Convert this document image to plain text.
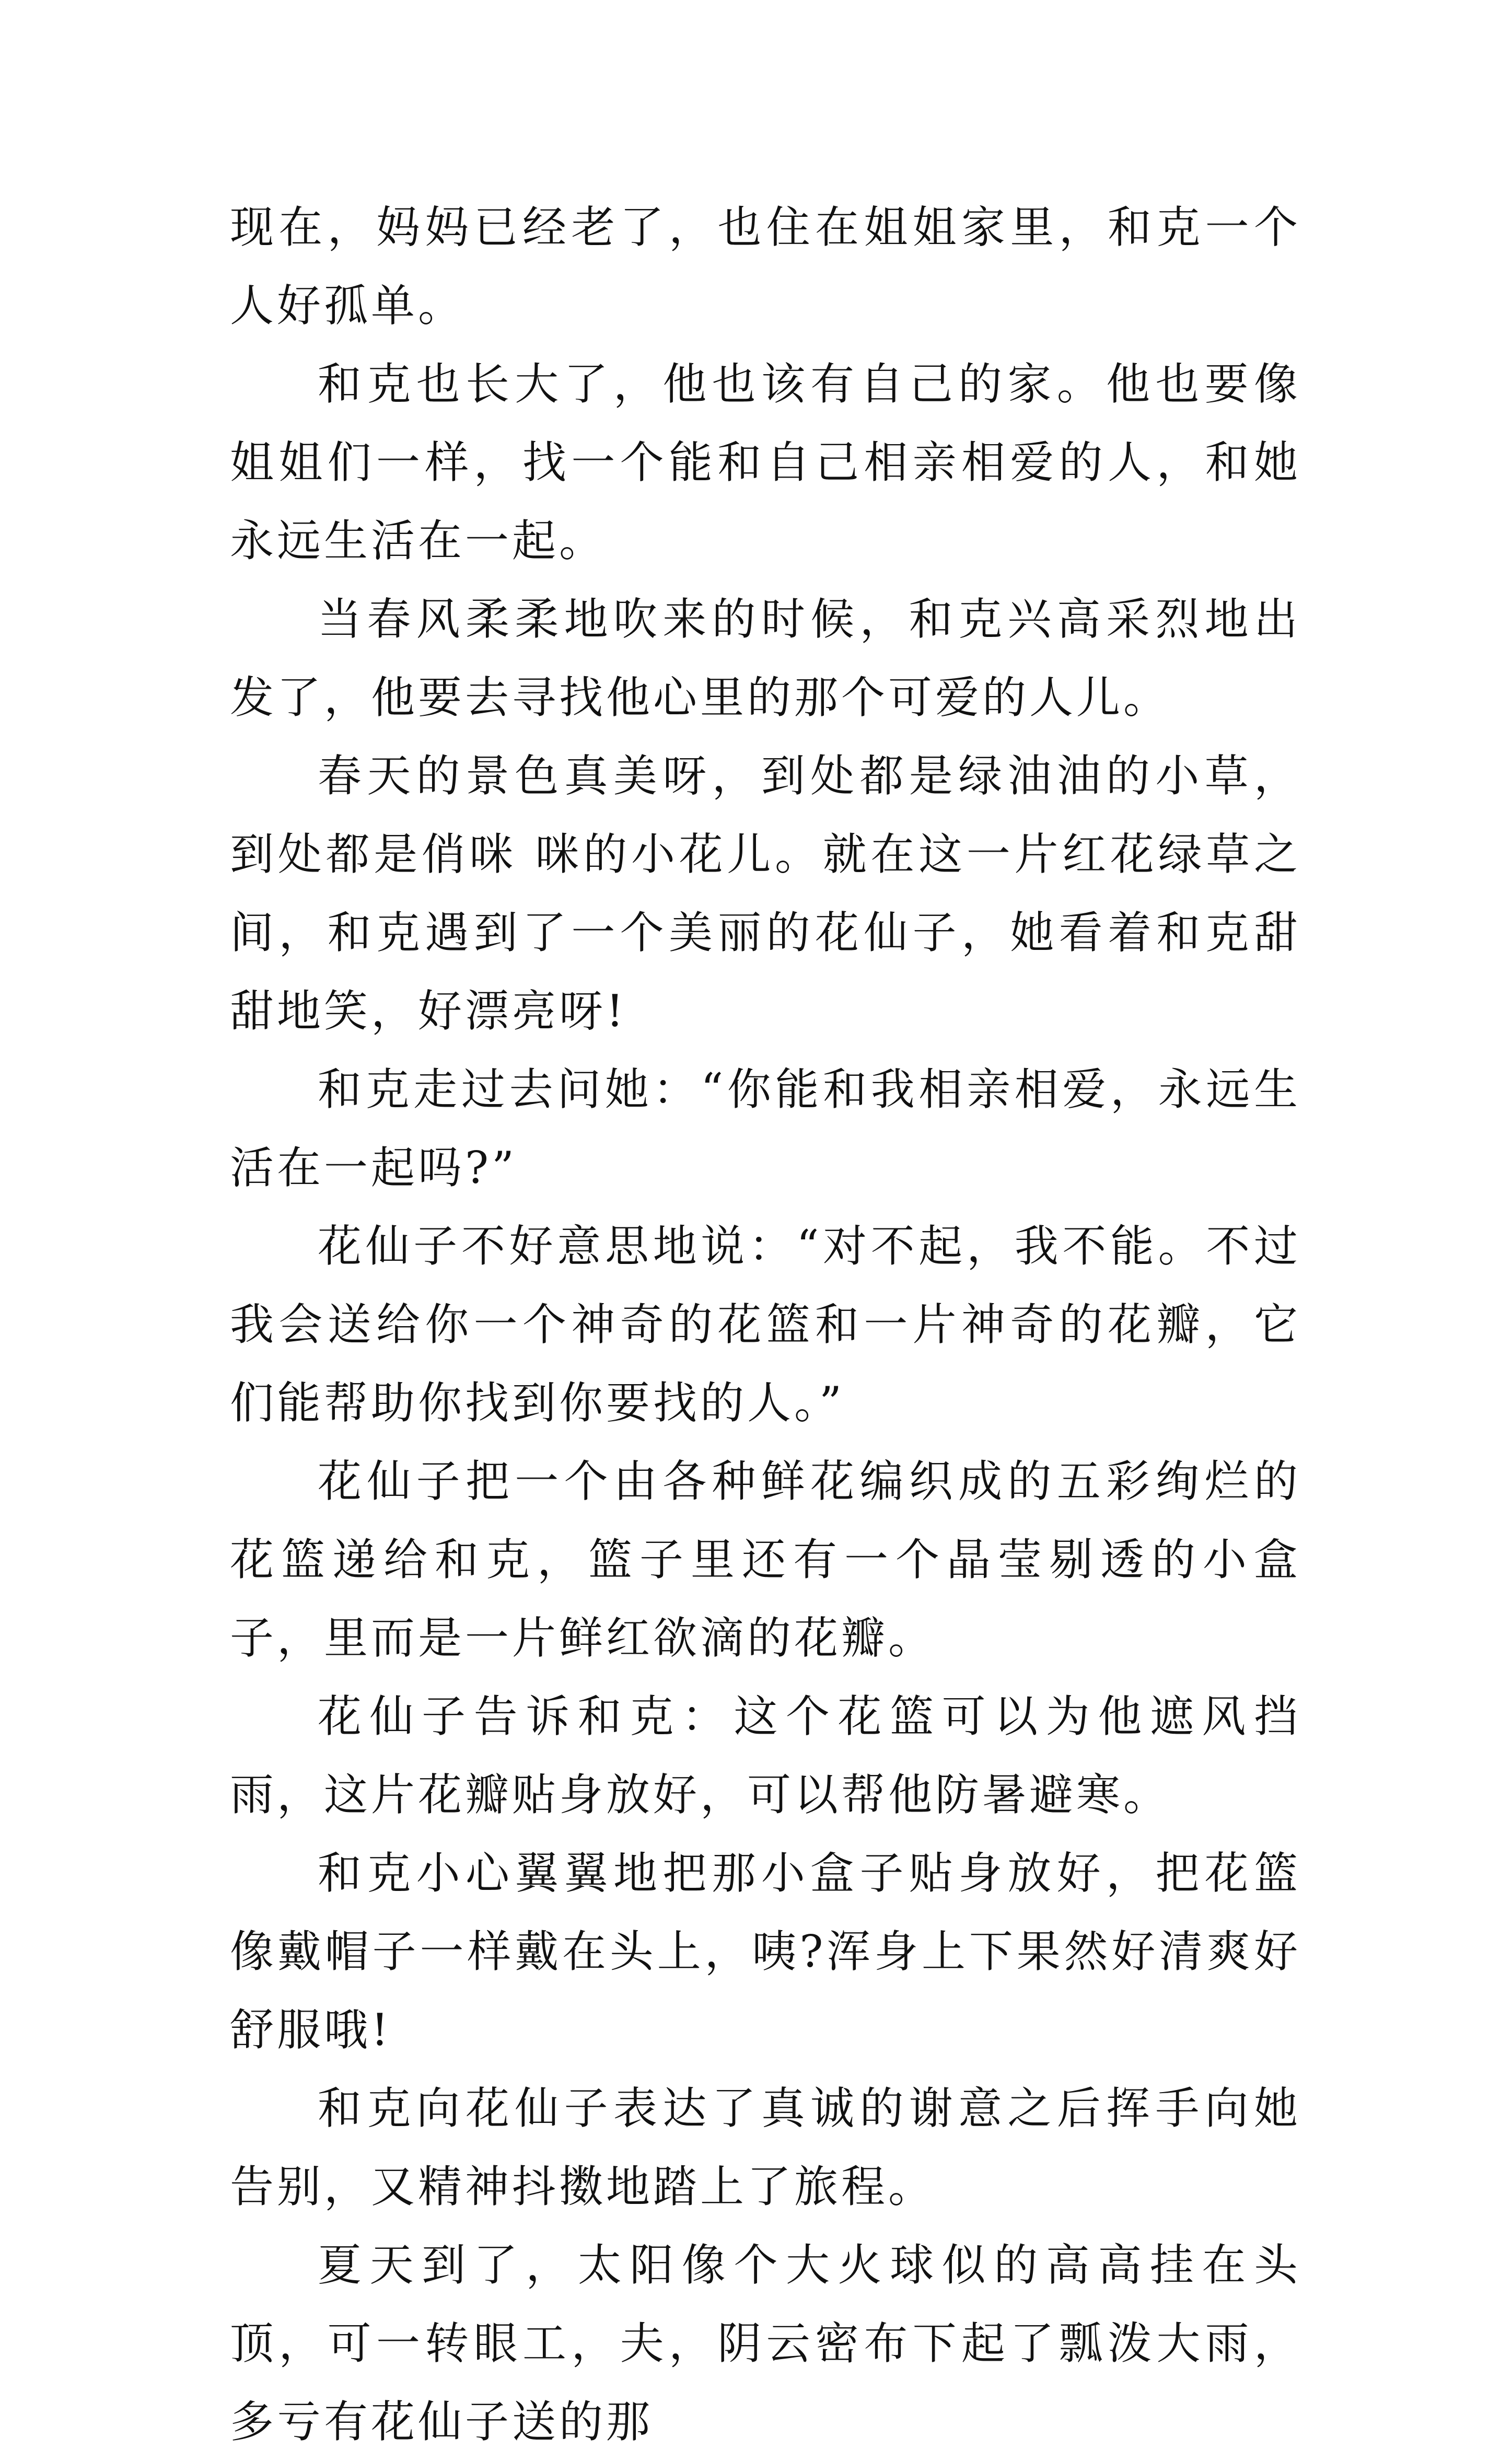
现在，妈妈已经老了，也住在姐姐家里，和克一个人好孤单。

和克也长大了，他也该有自己的家。他也要像姐姐们一样，找一个能和自己相亲相爱的人，和她永远生活在一起。

当春风柔柔地吹来的时候，和克兴高采烈地出发了，他要去寻找他心里的那个可爱的人儿。

春天的景色真美呀，到处都是绿油油的小草，到处都是俏咪 咪的小花儿。就在这一片红花绿草之间，和克遇到了一个美丽的花仙子，她看着和克甜甜地笑，好漂亮呀!

和克走过去问她：“你能和我相亲相爱，永远生活在一起吗?”

花仙子不好意思地说：“对不起，我不能。不过我会送给你一个神奇的花篮和一片神奇的花瓣，它们能帮助你找到你要找的人。”

花仙子把一个由各种鲜花编织成的五彩绚烂的花篮递给和克，篮子里还有一个晶莹剔透的小盒子，里而是一片鲜红欲滴的花瓣。

花仙子告诉和克：这个花篮可以为他遮风挡雨，这片花瓣贴身放好，可以帮他防暑避寒。

和克小心翼翼地把那小盒子贴身放好，把花篮像戴帽子一样戴在头上，咦?浑身上下果然好清爽好舒服哦!

和克向花仙子表达了真诚的谢意之后挥手向她告别，又精神抖擞地踏上了旅程。

夏天到了，太阳像个大火球似的高高挂在头顶，可一转眼工，夫，阴云密布下起了瓢泼大雨，多亏有花仙子送的那
